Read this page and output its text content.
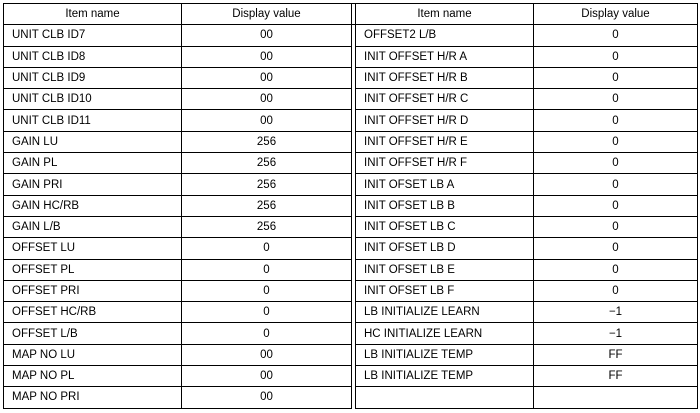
Item name	Display value		Item name	Display value
UNIT CLB ID7	00		OFFSET2 L/B	0
UNIT CLB ID8	00		INIT OFFSET H/R A	0
UNIT CLB ID9	00		INIT OFFSET H/R B	0
UNIT CLB ID10	00		INIT OFFSET H/R C	0
UNIT CLB ID11	00		INIT OFFSET H/R D	0
GAIN LU	256		INIT OFFSET H/R E	0
GAIN PL	256		INIT OFFSET H/R F	0
GAIN PRI	256		INIT OFSET LB A	0
GAIN HC/RB	256		INIT OFSET LB B	0
GAIN L/B	256		INIT OFSET LB C	0
OFFSET LU	0		INIT OFSET LB D	0
OFFSET PL	0		INIT OFSET LB E	0
OFFSET PRI	0		INIT OFSET LB F	0
OFFSET HC/RB	0		LB INITIALIZE LEARN	−1
OFFSET L/B	0		HC INITIALIZE LEARN	−1
MAP NO LU	00		LB INITIALIZE TEMP	FF
MAP NO PL	00		LB INITIALIZE TEMP	FF
MAP NO PRI	00			
